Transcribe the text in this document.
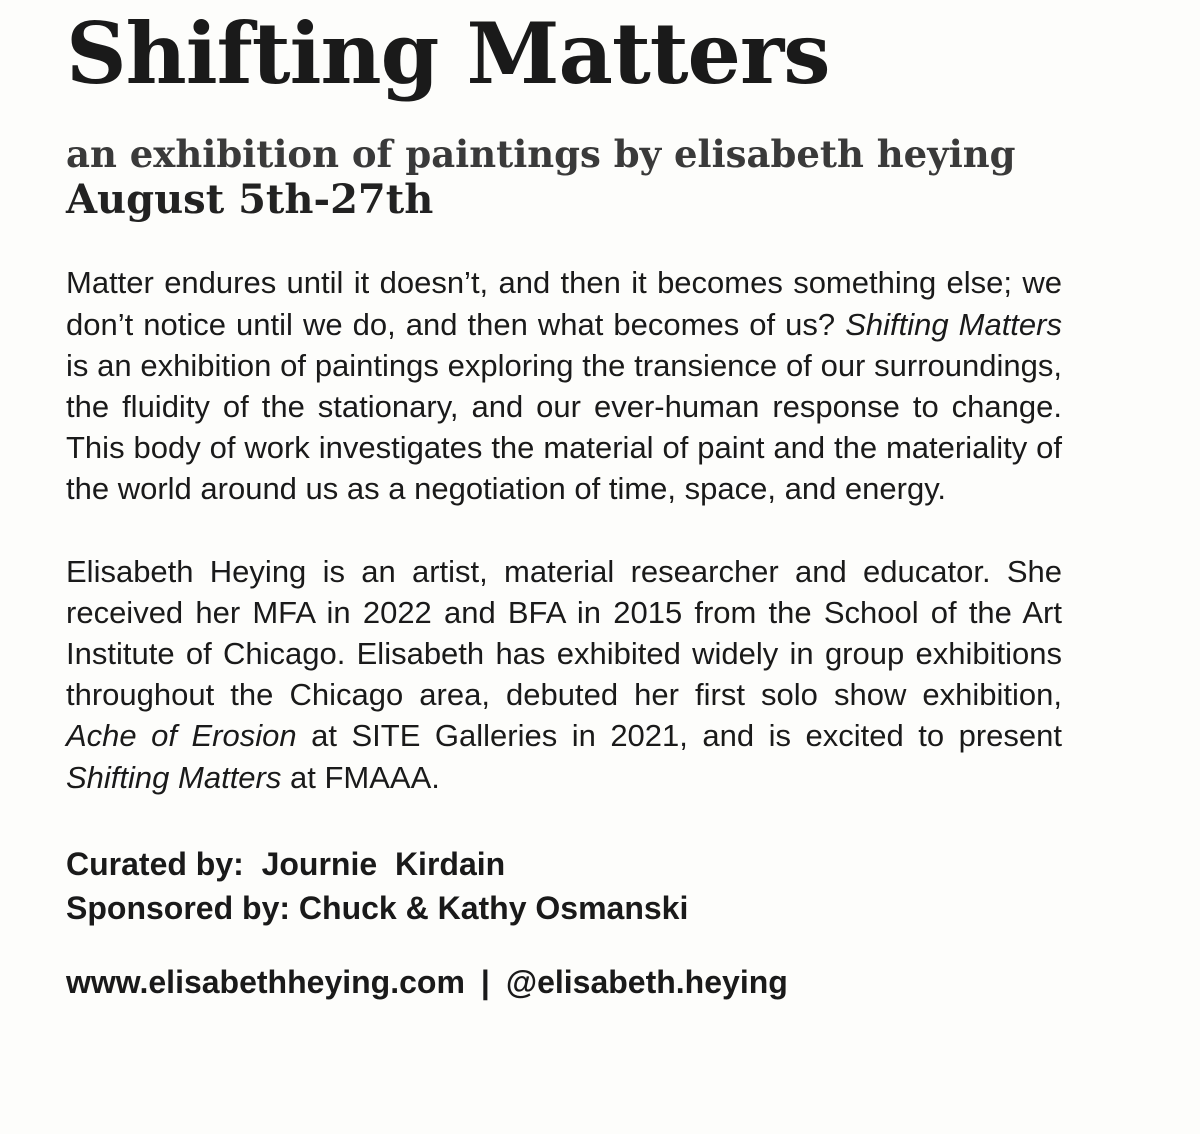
Shifting Matters
an exhibition of paintings by elisabeth heying
August 5th-27th

Matter endures until it doesn’t, and then it becomes something else; we don’t notice until we do, and then what becomes of us? Shifting Matters is an exhibition of paintings exploring the transience of our surroundings, the fluidity of the stationary, and our ever-human response to change. This body of work investigates the material of paint and the materiality of the world around us as a negotiation of time, space, and energy.

Elisabeth Heying is an artist, material researcher and educator. She received her MFA in 2022 and BFA in 2015 from the School of the Art Institute of Chicago. Elisabeth has exhibited widely in group exhibitions throughout the Chicago area, debuted her first solo show exhibition, Ache of Erosion at SITE Galleries in 2021, and is excited to present Shifting Matters at FMAAA.

Curated by:  Journie  Kirdain
Sponsored by: Chuck & Kathy Osmanski
www.elisabethheying.com | @elisabeth.heying
